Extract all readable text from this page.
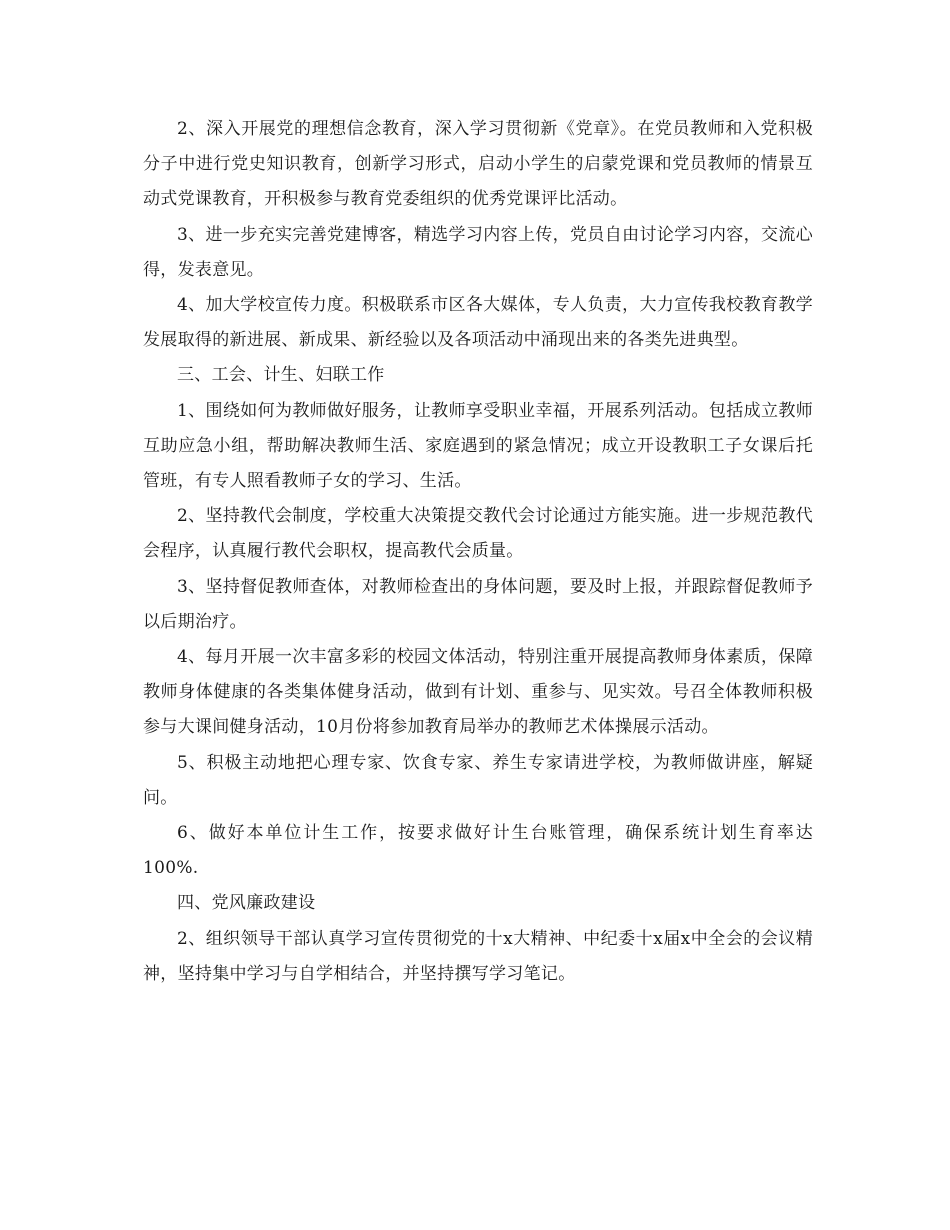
2、深入开展党的理想信念教育，深入学习贯彻新《党章》。在党员教师和入党积极分子中进行党史知识教育，创新学习形式，启动小学生的启蒙党课和党员教师的情景互动式党课教育，开积极参与教育党委组织的优秀党课评比活动。

3、进一步充实完善党建博客，精选学习内容上传，党员自由讨论学习内容，交流心得，发表意见。

4、加大学校宣传力度。积极联系市区各大媒体，专人负责，大力宣传我校教育教学发展取得的新进展、新成果、新经验以及各项活动中涌现出来的各类先进典型。

三、工会、计生、妇联工作

1、围绕如何为教师做好服务，让教师享受职业幸福，开展系列活动。包括成立教师互助应急小组，帮助解决教师生活、家庭遇到的紧急情况；成立开设教职工子女课后托管班，有专人照看教师子女的学习、生活。

2、坚持教代会制度，学校重大决策提交教代会讨论通过方能实施。进一步规范教代会程序，认真履行教代会职权，提高教代会质量。

3、坚持督促教师查体，对教师检查出的身体问题，要及时上报，并跟踪督促教师予以后期治疗。

4、每月开展一次丰富多彩的校园文体活动，特别注重开展提高教师身体素质，保障教师身体健康的各类集体健身活动，做到有计划、重参与、见实效。号召全体教师积极参与大课间健身活动，10月份将参加教育局举办的教师艺术体操展示活动。

5、积极主动地把心理专家、饮食专家、养生专家请进学校，为教师做讲座，解疑问。

6、做好本单位计生工作，按要求做好计生台账管理，确保系统计划生育率达100%.

四、党风廉政建设

2、组织领导干部认真学习宣传贯彻党的十x大精神、中纪委十x届x中全会的会议精神，坚持集中学习与自学相结合，并坚持撰写学习笔记。
